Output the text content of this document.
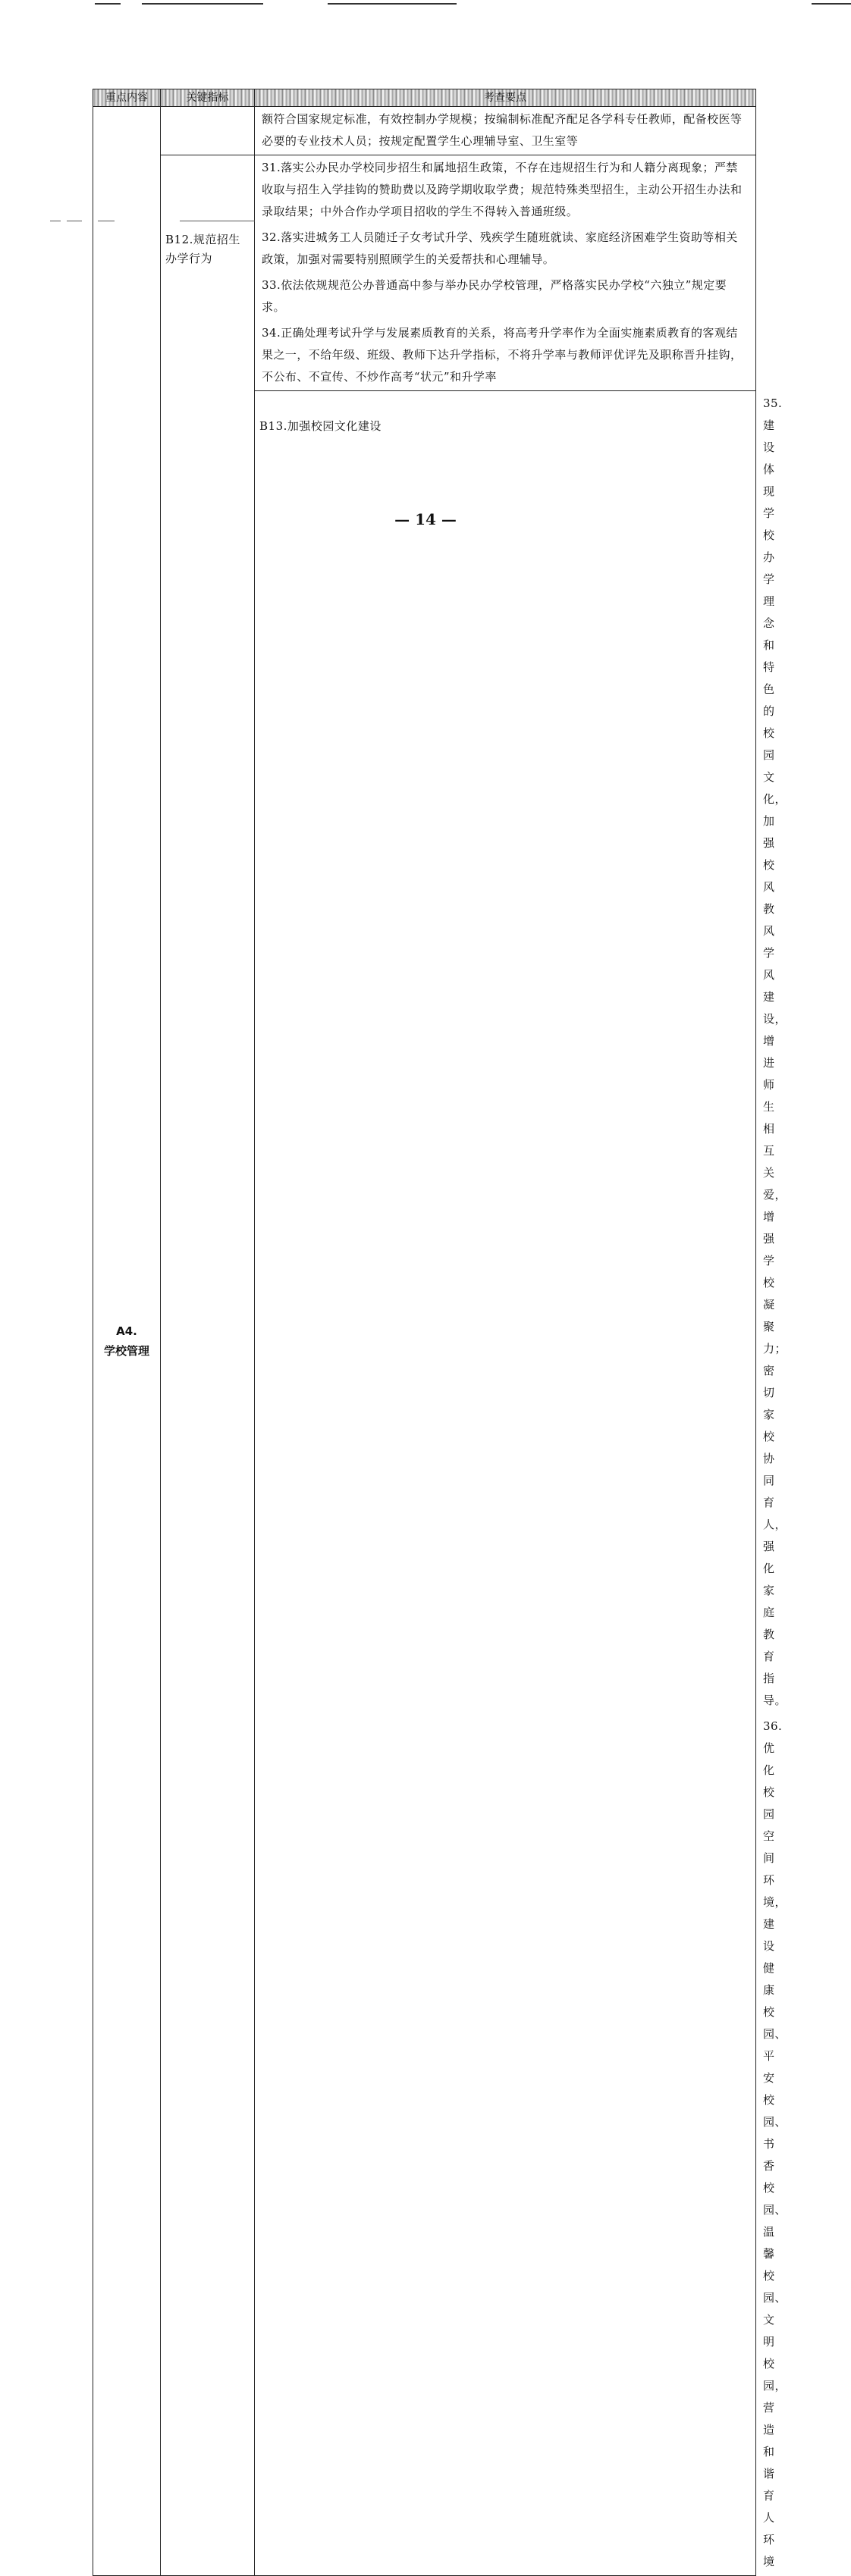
重点内容	关键指标	考查要点	

A4.
学校管理		额符合国家规定标准，有效控制办学规模；按编制标准配齐配足各学科专任教师，配备校医等必要的专业技术人员；按规定配置学生心理辅导室、卫生室等	

	B12.规范招生办学行为	31.落实公办民办学校同步招生和属地招生政策，不存在违规招生行为和人籍分离现象；严禁收取与招生入学挂钩的赞助费以及跨学期收取学费；规范特殊类型招生，主动公开招生办法和录取结果；中外合作办学项目招收的学生不得转入普通班级。
32.落实进城务工人员随迁子女考试升学、残疾学生随班就读、家庭经济困难学生资助等相关政策，加强对需要特别照顾学生的关爱帮扶和心理辅导。
33.依法依规规范公办普通高中参与举办民办学校管理，严格落实民办学校“六独立”规定要求。
34.正确处理考试升学与发展素质教育的关系，将高考升学率作为全面实施素质教育的客观结果之一，不给年级、班级、教师下达升学指标，不将升学率与教师评优评先及职称晋升挂钩，不公布、不宣传、不炒作高考“状元”和升学率	

		B13.加强校园文化建设	35.建设体现学校办学理念和特色的校园文化，加强校风教风学风建设，增进师生相互关爱，增强学校凝聚力；密切家校协同育人，强化家庭教育指导。
36.优化校园空间环境，建设健康校园、平安校园、书香校园、温馨校园、文明校园，营造和谐育人环境
— 14 —
